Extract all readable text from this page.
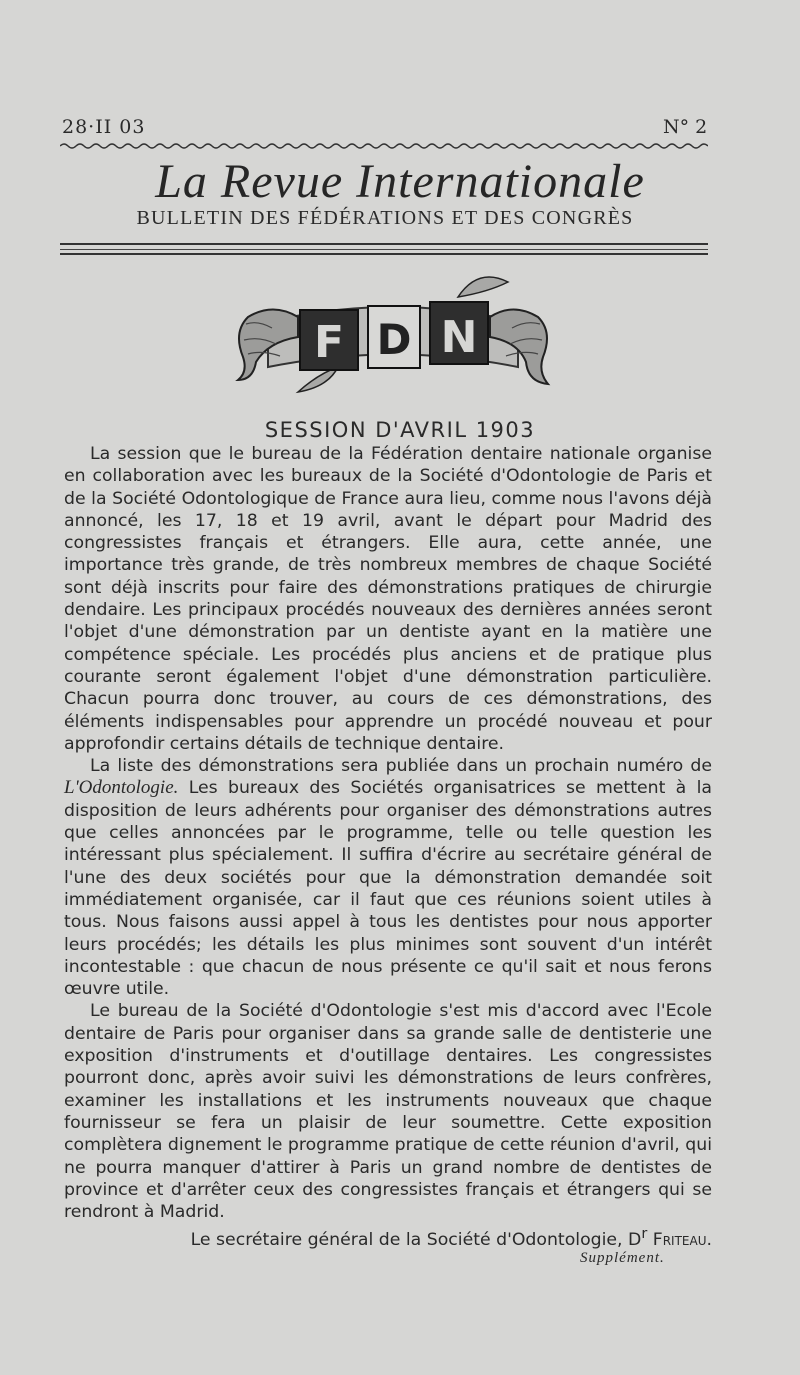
28·II 03	N° 2
La Revue Internationale
BULLETIN DES FÉDÉRATIONS ET DES CONGRÈS
F D N
SESSION D'AVRIL 1903

La session que le bureau de la Fédération dentaire nationale organise en collaboration avec les bureaux de la Société d'Odontologie de Paris et de la Société Odontologique de France aura lieu, comme nous l'avons déjà annoncé, les 17, 18 et 19 avril, avant le départ pour Madrid des congressistes français et étrangers. Elle aura, cette année, une importance très grande, de très nombreux membres de chaque Société sont déjà inscrits pour faire des démonstrations pratiques de chirurgie dendaire. Les principaux procédés nouveaux des dernières années seront l'objet d'une démonstration par un dentiste ayant en la matière une compétence spéciale. Les procédés plus anciens et de pratique plus courante seront également l'objet d'une démonstration particulière. Chacun pourra donc trouver, au cours de ces démonstrations, des éléments indispensables pour apprendre un procédé nouveau et pour approfondir certains détails de technique dentaire.

La liste des démonstrations sera publiée dans un prochain numéro de L'Odontologie. Les bureaux des Sociétés organisatrices se mettent à la disposition de leurs adhérents pour organiser des démonstrations autres que celles annoncées par le programme, telle ou telle question les intéressant plus spécialement. Il suffira d'écrire au secrétaire général de l'une des deux sociétés pour que la démonstration demandée soit immédiatement organisée, car il faut que ces réunions soient utiles à tous. Nous faisons aussi appel à tous les dentistes pour nous apporter leurs procédés; les détails les plus minimes sont souvent d'un intérêt incontestable : que chacun de nous présente ce qu'il sait et nous ferons œuvre utile.

Le bureau de la Société d'Odontologie s'est mis d'accord avec l'Ecole dentaire de Paris pour organiser dans sa grande salle de dentisterie une exposition d'instruments et d'outillage dentaires. Les congressistes pourront donc, après avoir suivi les démonstrations de leurs confrères, examiner les installations et les instruments nouveaux que chaque fournisseur se fera un plaisir de leur soumettre. Cette exposition complètera dignement le programme pratique de cette réunion d'avril, qui ne pourra manquer d'attirer à Paris un grand nombre de dentistes de province et d'arrêter ceux des congressistes français et étrangers qui se rendront à Madrid.

Le secrétaire général de la Société d'Odontologie, $D^r$ Friteau.

Supplément.
